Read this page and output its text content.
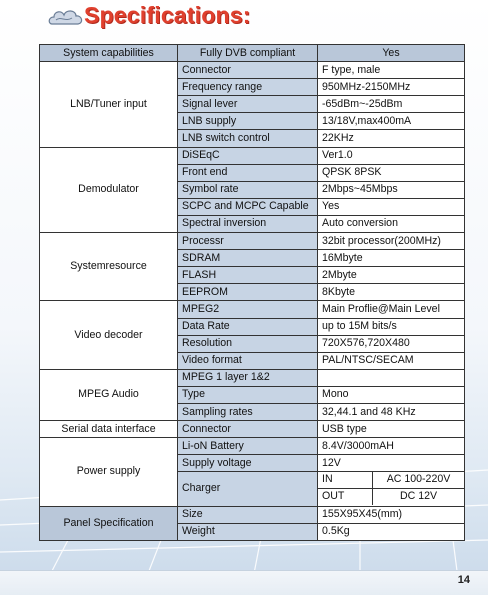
Specifications:
System capabilities	Fully DVB compliant	Yes
LNB/Tuner input	Connector	F type, male
	Frequency range	950MHz-2150MHz
	Signal lever	-65dBm~-25dBm
	LNB supply	13/18V,max400mA
	LNB switch control	22KHz
Demodulator	DiSEqC	Ver1.0
	Front end	QPSK 8PSK
	Symbol rate	2Mbps~45Mbps
	SCPC and MCPC Capable	Yes
	Spectral inversion	Auto conversion
Systemresource	Processr	32bit processor(200MHz)
	SDRAM	16Mbyte
	FLASH	2Mbyte
	EEPROM	8Kbyte
Video decoder	MPEG2	Main Proflie@Main Level
	Data Rate	up to 15M bits/s
	Resolution	720X576,720X480
	Video format	PAL/NTSC/SECAM
MPEG Audio	MPEG 1 layer 1&2	
	Type	Mono
	Sampling rates	32,44.1 and 48 KHz
Serial data interface	Connector	USB type
Power supply	Li-oN Battery	8.4V/3000mAH
	Supply voltage	12V
	Charger	IN AC 100-220V

		OUT DC 12V

Panel Specification	Size	155X95X45(mm)
	Weight	0.5Kg
14
